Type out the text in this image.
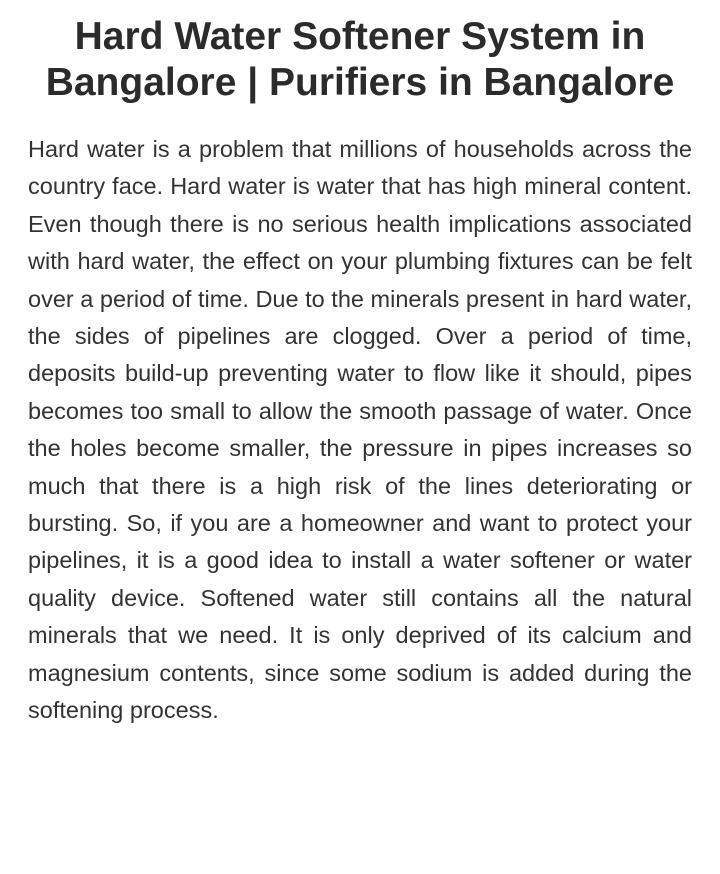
Hard Water Softener System in Bangalore | Purifiers in Bangalore

Hard water is a problem that millions of households across the country face. Hard water is water that has high mineral content. Even though there is no serious health implications associated with hard water, the effect on your plumbing fixtures can be felt over a period of time. Due to the minerals present in hard water, the sides of pipelines are clogged. Over a period of time, deposits build-up preventing water to flow like it should, pipes becomes too small to allow the smooth passage of water. Once the holes become smaller, the pressure in pipes increases so much that there is a high risk of the lines deteriorating or bursting. So, if you are a homeowner and want to protect your pipelines, it is a good idea to install a water softener or water quality device. Softened water still contains all the natural minerals that we need. It is only deprived of its calcium and magnesium contents, since some sodium is added during the softening process.
